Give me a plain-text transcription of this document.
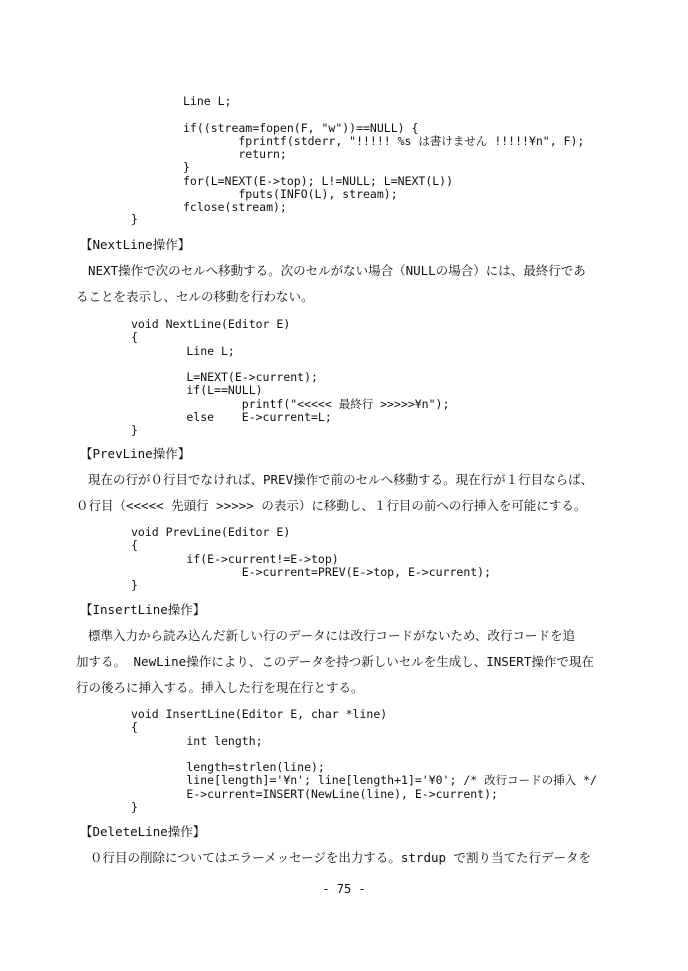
Line L;

if((stream=fopen(F, "w"))==NULL) {
fprintf(stderr, "!!!!! %s は書けません !!!!!¥n", F);
return;
}
for(L=NEXT(E->top); L!=NULL; L=NEXT(L))
fputs(INFO(L), stream);
fclose(stream);
}
【NextLine操作】
NEXT操作で次のセルへ移動する。次のセルがない場合（NULLの場合）には、最終行であ
ることを表示し、セルの移動を行わない。
void NextLine(Editor E)
{
Line L;

L=NEXT(E->current);
if(L==NULL)
printf("<<<<< 最終行 >>>>>¥n");
else    E->current=L;
}
【PrevLine操作】
現在の行が０行目でなければ、PREV操作で前のセルへ移動する。現在行が１行目ならば、
０行目（<<<<< 先頭行 >>>>> の表示）に移動し、１行目の前への行挿入を可能にする。
void PrevLine(Editor E)
{
if(E->current!=E->top)
E->current=PREV(E->top, E->current);
}
【InsertLine操作】
標準入力から読み込んだ新しい行のデータには改行コードがないため、改行コードを追
加する。 NewLine操作により、このデータを持つ新しいセルを生成し、INSERT操作で現在
行の後ろに挿入する。挿入した行を現在行とする。
void InsertLine(Editor E, char *line)
{
int length;

length=strlen(line);
line[length]='¥n'; line[length+1]='¥0'; /* 改行コードの挿入 */
E->current=INSERT(NewLine(line), E->current);
}
【DeleteLine操作】
０行目の削除についてはエラーメッセージを出力する。strdup で割り当てた行データを
- 75 -
